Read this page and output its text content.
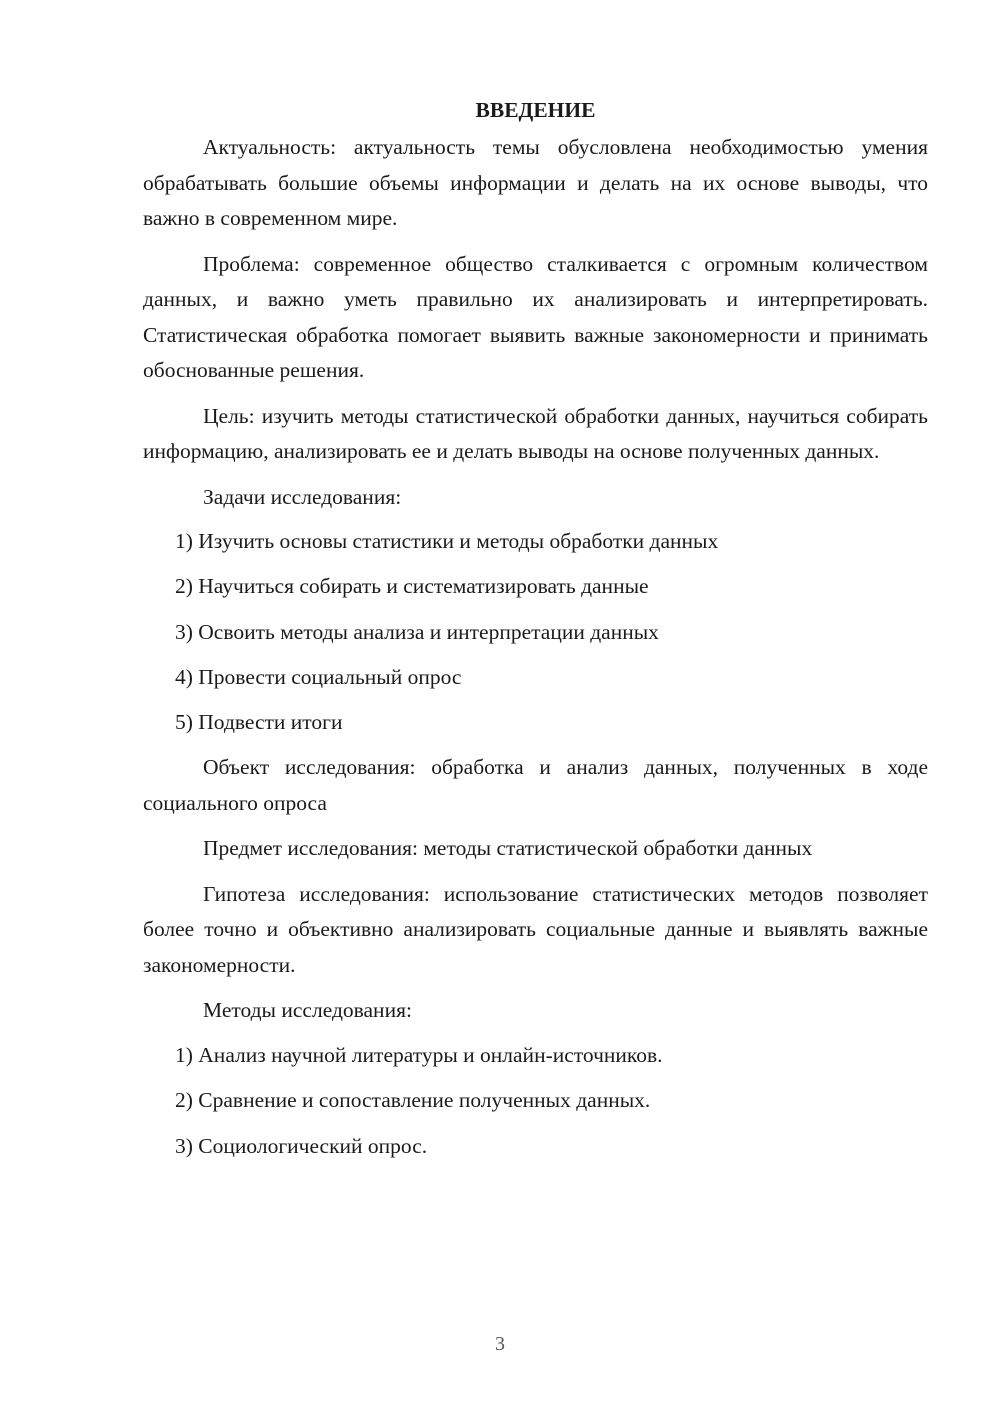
ВВЕДЕНИЕ

Актуальность: актуальность темы обусловлена необходимостью умения обрабатывать большие объемы информации и делать на их основе выводы, что важно в современном мире.

Проблема: современное общество сталкивается с огромным количеством данных, и важно уметь правильно их анализировать и интерпретировать. Статистическая обработка помогает выявить важные закономерности и принимать обоснованные решения.

Цель: изучить методы статистической обработки данных, научиться собирать информацию, анализировать ее и делать выводы на основе полученных данных.

Задачи исследования:

1) Изучить основы статистики и методы обработки данных
2) Научиться собирать и систематизировать данные
3) Освоить методы анализа и интерпретации данных
4) Провести социальный опрос
5) Подвести итоги

Объект исследования: обработка и анализ данных, полученных в ходе социального опроса

Предмет исследования: методы статистической обработки данных

Гипотеза исследования: использование статистических методов позволяет более точно и объективно анализировать социальные данные и выявлять важные закономерности.

Методы исследования:

1) Анализ научной литературы и онлайн-источников.
2) Сравнение и сопоставление полученных данных.
3) Социологический опрос.
3
